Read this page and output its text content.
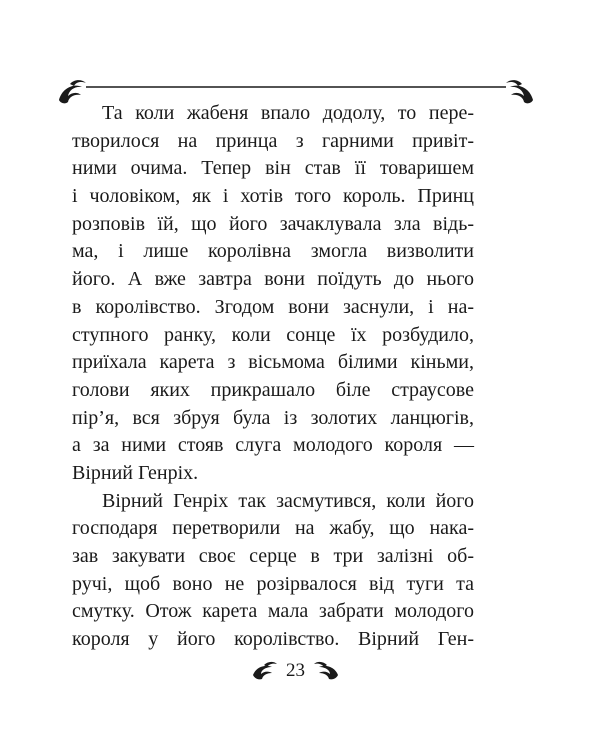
Та коли жабеня впало додолу, то пере-
творилося на принца з гарними привіт-
ними очима. Тепер він став її товаришем
і чоловіком, як і хотів того король. Принц
розповів їй, що його зачаклувала зла відь-
ма, і лише королівна змогла визволити
його. А вже завтра вони поїдуть до нього
в королівство. Згодом вони заснули, і на-
ступного ранку, коли сонце їх розбудило,
приїхала карета з вісьмома білими кіньми,
голови яких прикрашало біле страусове
пір’я, вся збруя була із золотих ланцюгів,
а за ними стояв слуга молодого короля —
Вірний Генріх.
Вірний Генріх так засмутився, коли його
господаря перетворили на жабу, що нака-
зав закувати своє серце в три залізні об-
ручі, щоб воно не розірвалося від туги та
смутку. Отож карета мала забрати молодого
короля у його королівство. Вірний Ген-
23
